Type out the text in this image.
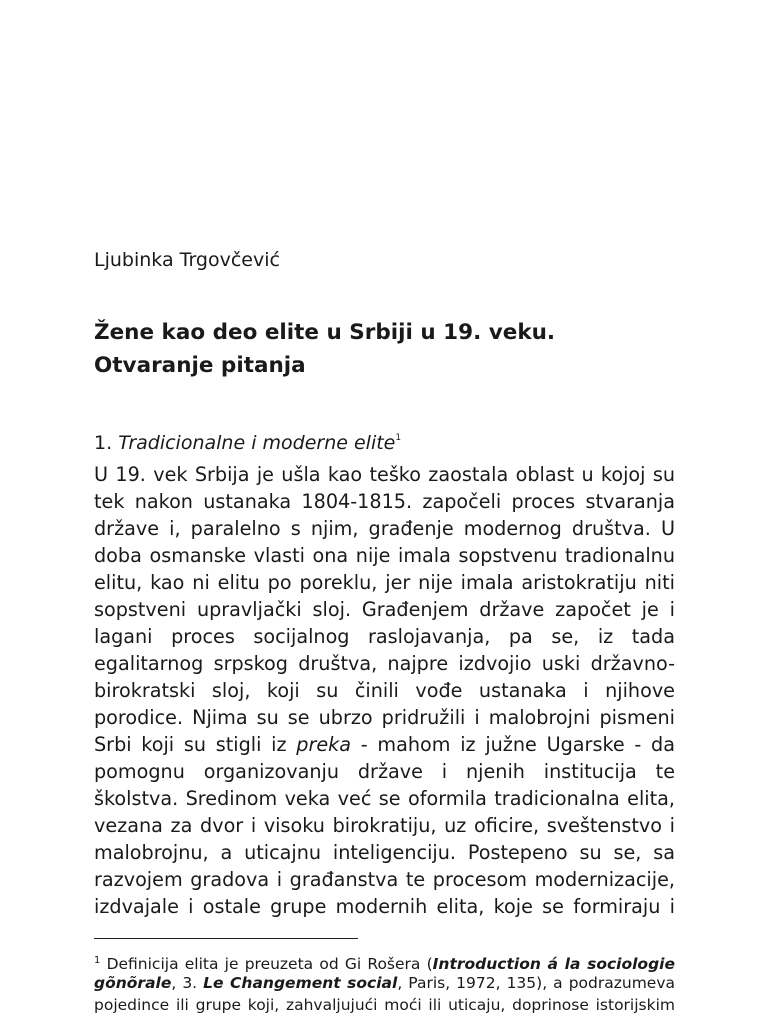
Ljubinka Trgovčević
Žene kao deo elite u Srbiji u 19. veku.
Otvaranje pitanja
1. Tradicionalne i moderne elite$^1$
U 19. vek Srbija je ušla kao teško zaostala oblast u kojoj su
tek nakon ustanaka 1804-1815. započeli proces stvaranja
države i, paralelno s njim, građenje modernog društva. U
doba osmanske vlasti ona nije imala sopstvenu tradionalnu
elitu, kao ni elitu po poreklu, jer nije imala aristokratiju niti
sopstveni upravljački sloj. Građenjem države započet je i
lagani proces socijalnog raslojavanja, pa se, iz tada
egalitarnog srpskog društva, najpre izdvojio uski državno-
birokratski sloj, koji su činili vođe ustanaka i njihove
porodice. Njima su se ubrzo pridružili i malobrojni pismeni
Srbi koji su stigli iz preka - mahom iz južne Ugarske - da
pomognu organizovanju države i njenih institucija te
školstva. Sredinom veka već se oformila tradicionalna elita,
vezana za dvor i visoku birokratiju, uz oficire, sveštenstvo i
malobrojnu, a uticajnu inteligenciju. Postepeno su se, sa
razvojem gradova i građanstva te procesom modernizacije,
izdvajale i ostale grupe modernih elita, koje se formiraju i
$^1$ Definicija elita je preuzeta od Gi Rošera (Introduction á la sociologie
gõnõrale, 3. Le Changement social, Paris, 1972, 135), a podrazumeva
pojedince ili grupe koji, zahvaljujući moći ili uticaju, doprinose istorijskim
